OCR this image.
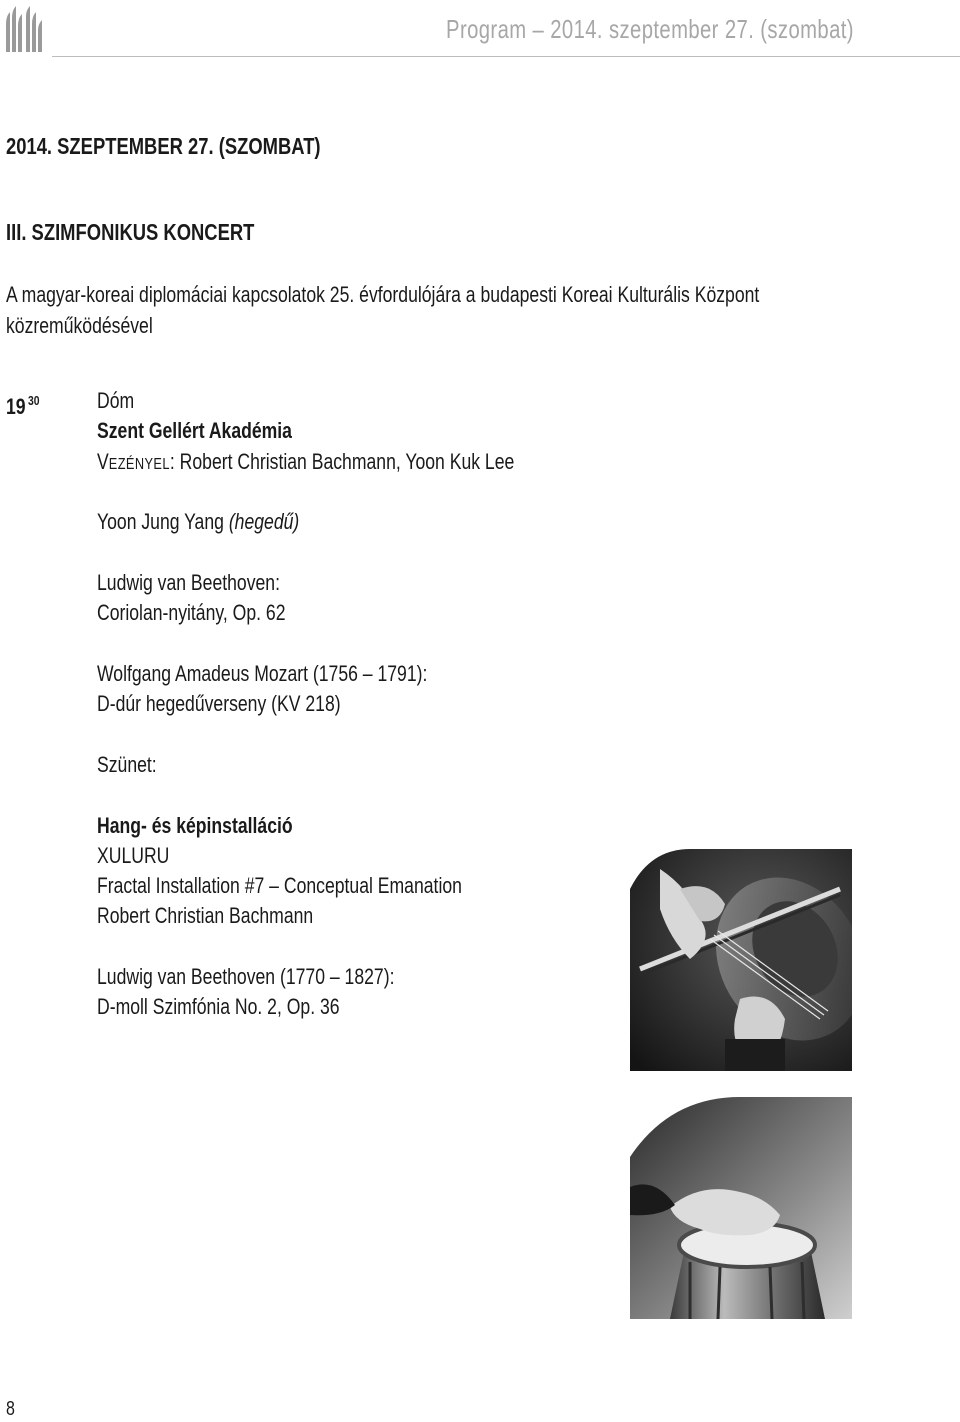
Program – 2014. szeptember 27. (szombat)
2014. SZEPTEMBER 27. (SZOMBAT)
III. SZIMFONIKUS KONCERT
A magyar-koreai diplomáciai kapcsolatok 25. évfordulójára a budapesti Koreai Kulturális Központ
közreműködésével
19 $^{30}$	Dóm
Szent Gellért Akadémia
VEZÉNYEL: Robert Christian Bachmann, Yoon Kuk Lee
Yoon Jung Yang (hegedű)
Ludwig van Beethoven:
Coriolan-nyitány, Op. 62
Wolfgang Amadeus Mozart (1756 – 1791):
D-dúr hegedűverseny (KV 218)
Szünet:
Hang- és képinstalláció
XULURU
Fractal Installation #7 – Conceptual Emanation
Robert Christian Bachmann
Ludwig van Beethoven (1770 – 1827):
D-moll Szimfónia No. 2, Op. 36
8
